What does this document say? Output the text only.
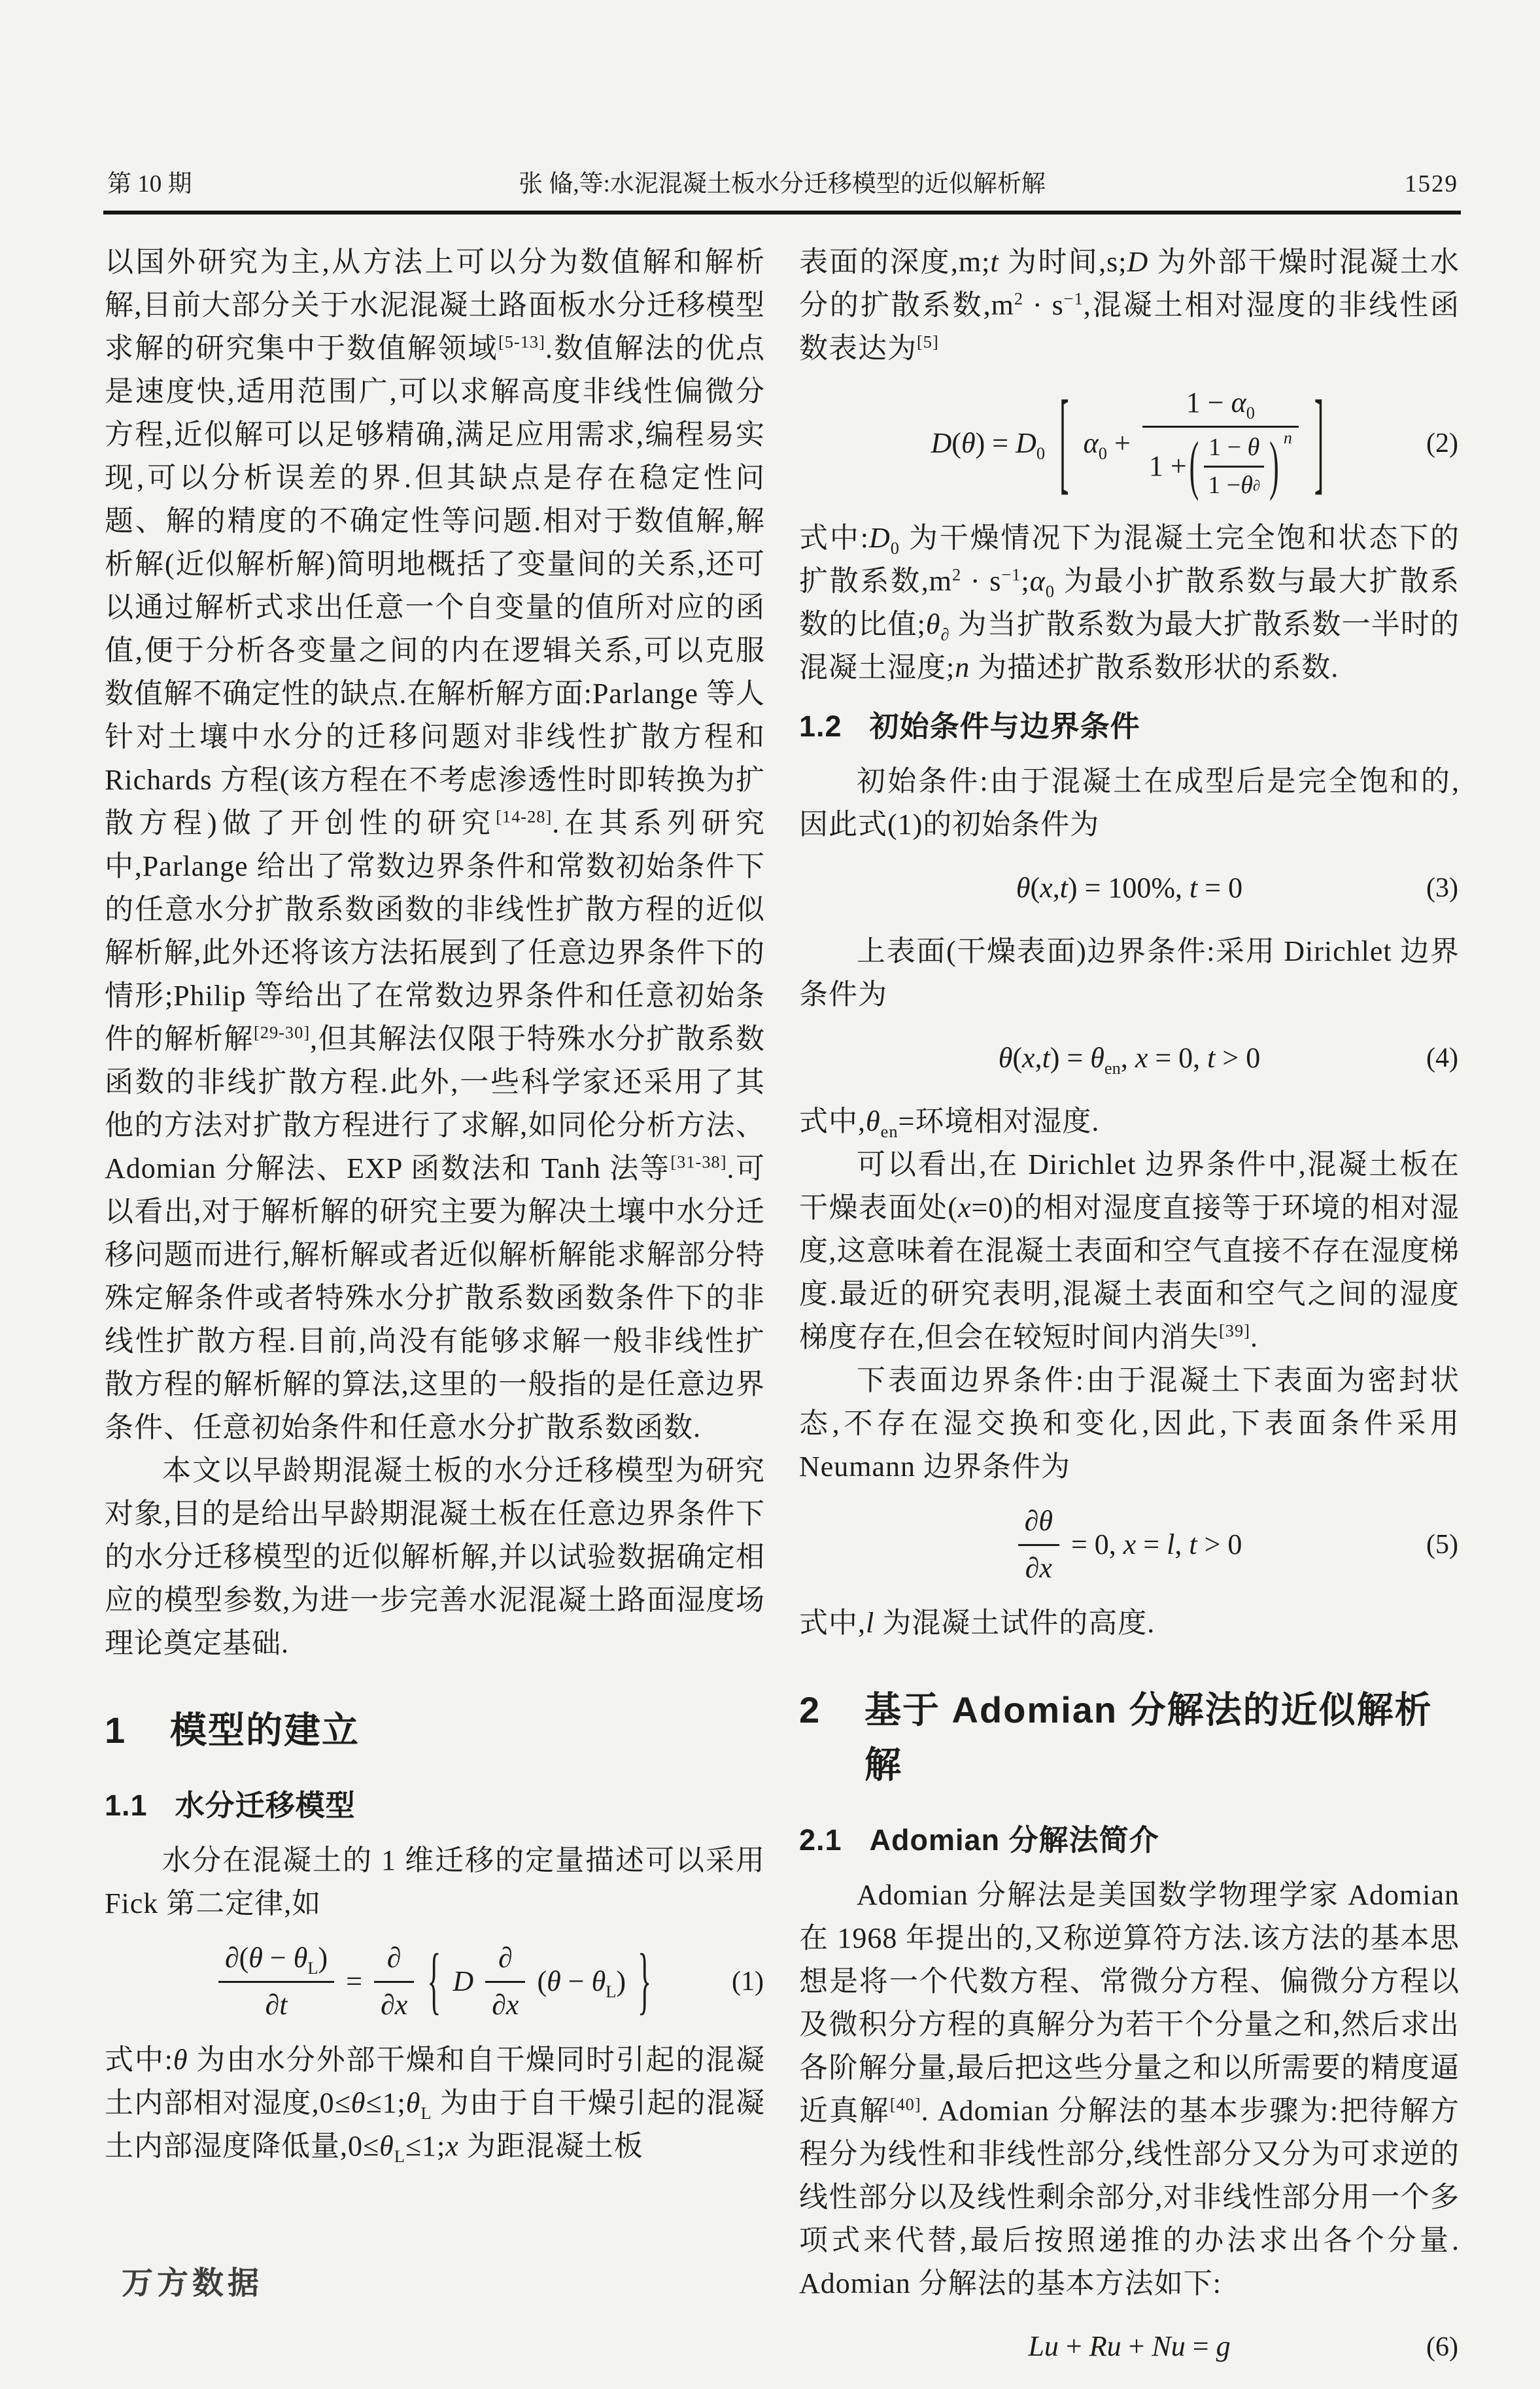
第 10 期	张 偹,等:水泥混凝土板水分迁移模型的近似解析解	1529

以国外研究为主,从方法上可以分为数值解和解析解,目前大部分关于水泥混凝土路面板水分迁移模型求解的研究集中于数值解领域[5-13].数值解法的优点是速度快,适用范围广,可以求解高度非线性偏微分方程,近似解可以足够精确,满足应用需求,编程易实现,可以分析误差的界.但其缺点是存在稳定性问题、解的精度的不确定性等问题.相对于数值解,解析解(近似解析解)简明地概括了变量间的关系,还可以通过解析式求出任意一个自变量的值所对应的函值,便于分析各变量之间的内在逻辑关系,可以克服数值解不确定性的缺点.在解析解方面:Parlange 等人针对土壤中水分的迁移问题对非线性扩散方程和 Richards 方程(该方程在不考虑渗透性时即转换为扩散方程)做了开创性的研究[14-28].在其系列研究中,Parlange 给出了常数边界条件和常数初始条件下的任意水分扩散系数函数的非线性扩散方程的近似解析解,此外还将该方法拓展到了任意边界条件下的情形;Philip 等给出了在常数边界条件和任意初始条件的解析解[29-30],但其解法仅限于特殊水分扩散系数函数的非线扩散方程.此外,一些科学家还采用了其他的方法对扩散方程进行了求解,如同伦分析方法、Adomian 分解法、EXP 函数法和 Tanh 法等[31-38].可以看出,对于解析解的研究主要为解决土壤中水分迁移问题而进行,解析解或者近似解析解能求解部分特殊定解条件或者特殊水分扩散系数函数条件下的非线性扩散方程.目前,尚没有能够求解一般非线性扩散方程的解析解的算法,这里的一般指的是任意边界条件、任意初始条件和任意水分扩散系数函数.

本文以早龄期混凝土板的水分迁移模型为研究对象,目的是给出早龄期混凝土板在任意边界条件下的水分迁移模型的近似解析解,并以试验数据确定相应的模型参数,为进一步完善水泥混凝土路面湿度场理论奠定基础.

1 模型的建立
1.1 水分迁移模型

水分在混凝土的 1 维迁移的定量描述可以采用 Fick 第二定律,如

$\frac{\partial(\theta - \theta_L)}{\partial t} = \frac{\partial}{\partial x}$ { D $\frac{\partial}{\partial x} (\theta - \theta_L)$ }	(1)

式中:θ 为由水分外部干燥和自干燥同时引起的混凝土内部相对湿度$,0\le\theta\le 1;\theta_L$ 为由于自干燥引起的混凝土内部湿度降低量$,0\le\theta_L\le 1;x$ 为距混凝土板

表面的深度,m;t 为时间,s;D 为外部干燥时混凝土水分的扩散系数$,m^2 \cdot s^{-1}$,混凝土相对湿度的非线性函数表达为[5]

$D(\theta) = D_0$ [ $\alpha_0$ +
$1 - \alpha_0$
1 + ( $\frac{1 - \theta}{1 - \theta \partial}$ ) n ]	(2)

式中$:D_0$ 为干燥情况下为混凝土完全饱和状态下的扩散系数$,m^2$ · $s^{-1};\alpha_0$ 为最小扩散系数与最大扩散系数的比值$;\theta_\partial$ 为当扩散系数为最大扩散系数一半时的混凝土湿度;n 为描述扩散系数形状的系数.

1.2 初始条件与边界条件

初始条件:由于混凝土在成型后是完全饱和的,因此式(1)的初始条件为

θ(x,t) = 100%, t = 0	(3)

上表面(干燥表面)边界条件:采用 Dirichlet 边界条件为

$\theta(x,t) = \theta_{en}$, x = 0, t > 0	(4)

式中$,\theta_{en}=$环境相对湿度.

可以看出,在 Dirichlet 边界条件中,混凝土板在干燥表面处(x=0)的相对湿度直接等于环境的相对湿度,这意味着在混凝土表面和空气直接不存在湿度梯度.最近的研究表明,混凝土表面和空气之间的湿度梯度存在,但会在较短时间内消失[39].

下表面边界条件:由于混凝土下表面为密封状态,不存在湿交换和变化,因此,下表面条件采用 Neumann 边界条件为

$\frac{\partial\theta}{\partial x} = 0$, x = l, t > 0	(5)

式中,l 为混凝土试件的高度.

2 基于 Adomian 分解法的近似解析解
2.1 Adomian 分解法简介

Adomian 分解法是美国数学物理学家 Adomian 在 1968 年提出的,又称逆算符方法.该方法的基本思想是将一个代数方程、常微分方程、偏微分方程以及微积分方程的真解分为若干个分量之和,然后求出各阶解分量,最后把这些分量之和以所需要的精度逼近真解[40]. Adomian 分解法的基本步骤为:把待解方程分为线性和非线性部分,线性部分又分为可求逆的线性部分以及线性剩余部分,对非线性部分用一个多项式来代替,最后按照递推的办法求出各个分量. Adomian 分解法的基本方法如下:

Lu + Ru + Nu = g	(6)
万方数据
